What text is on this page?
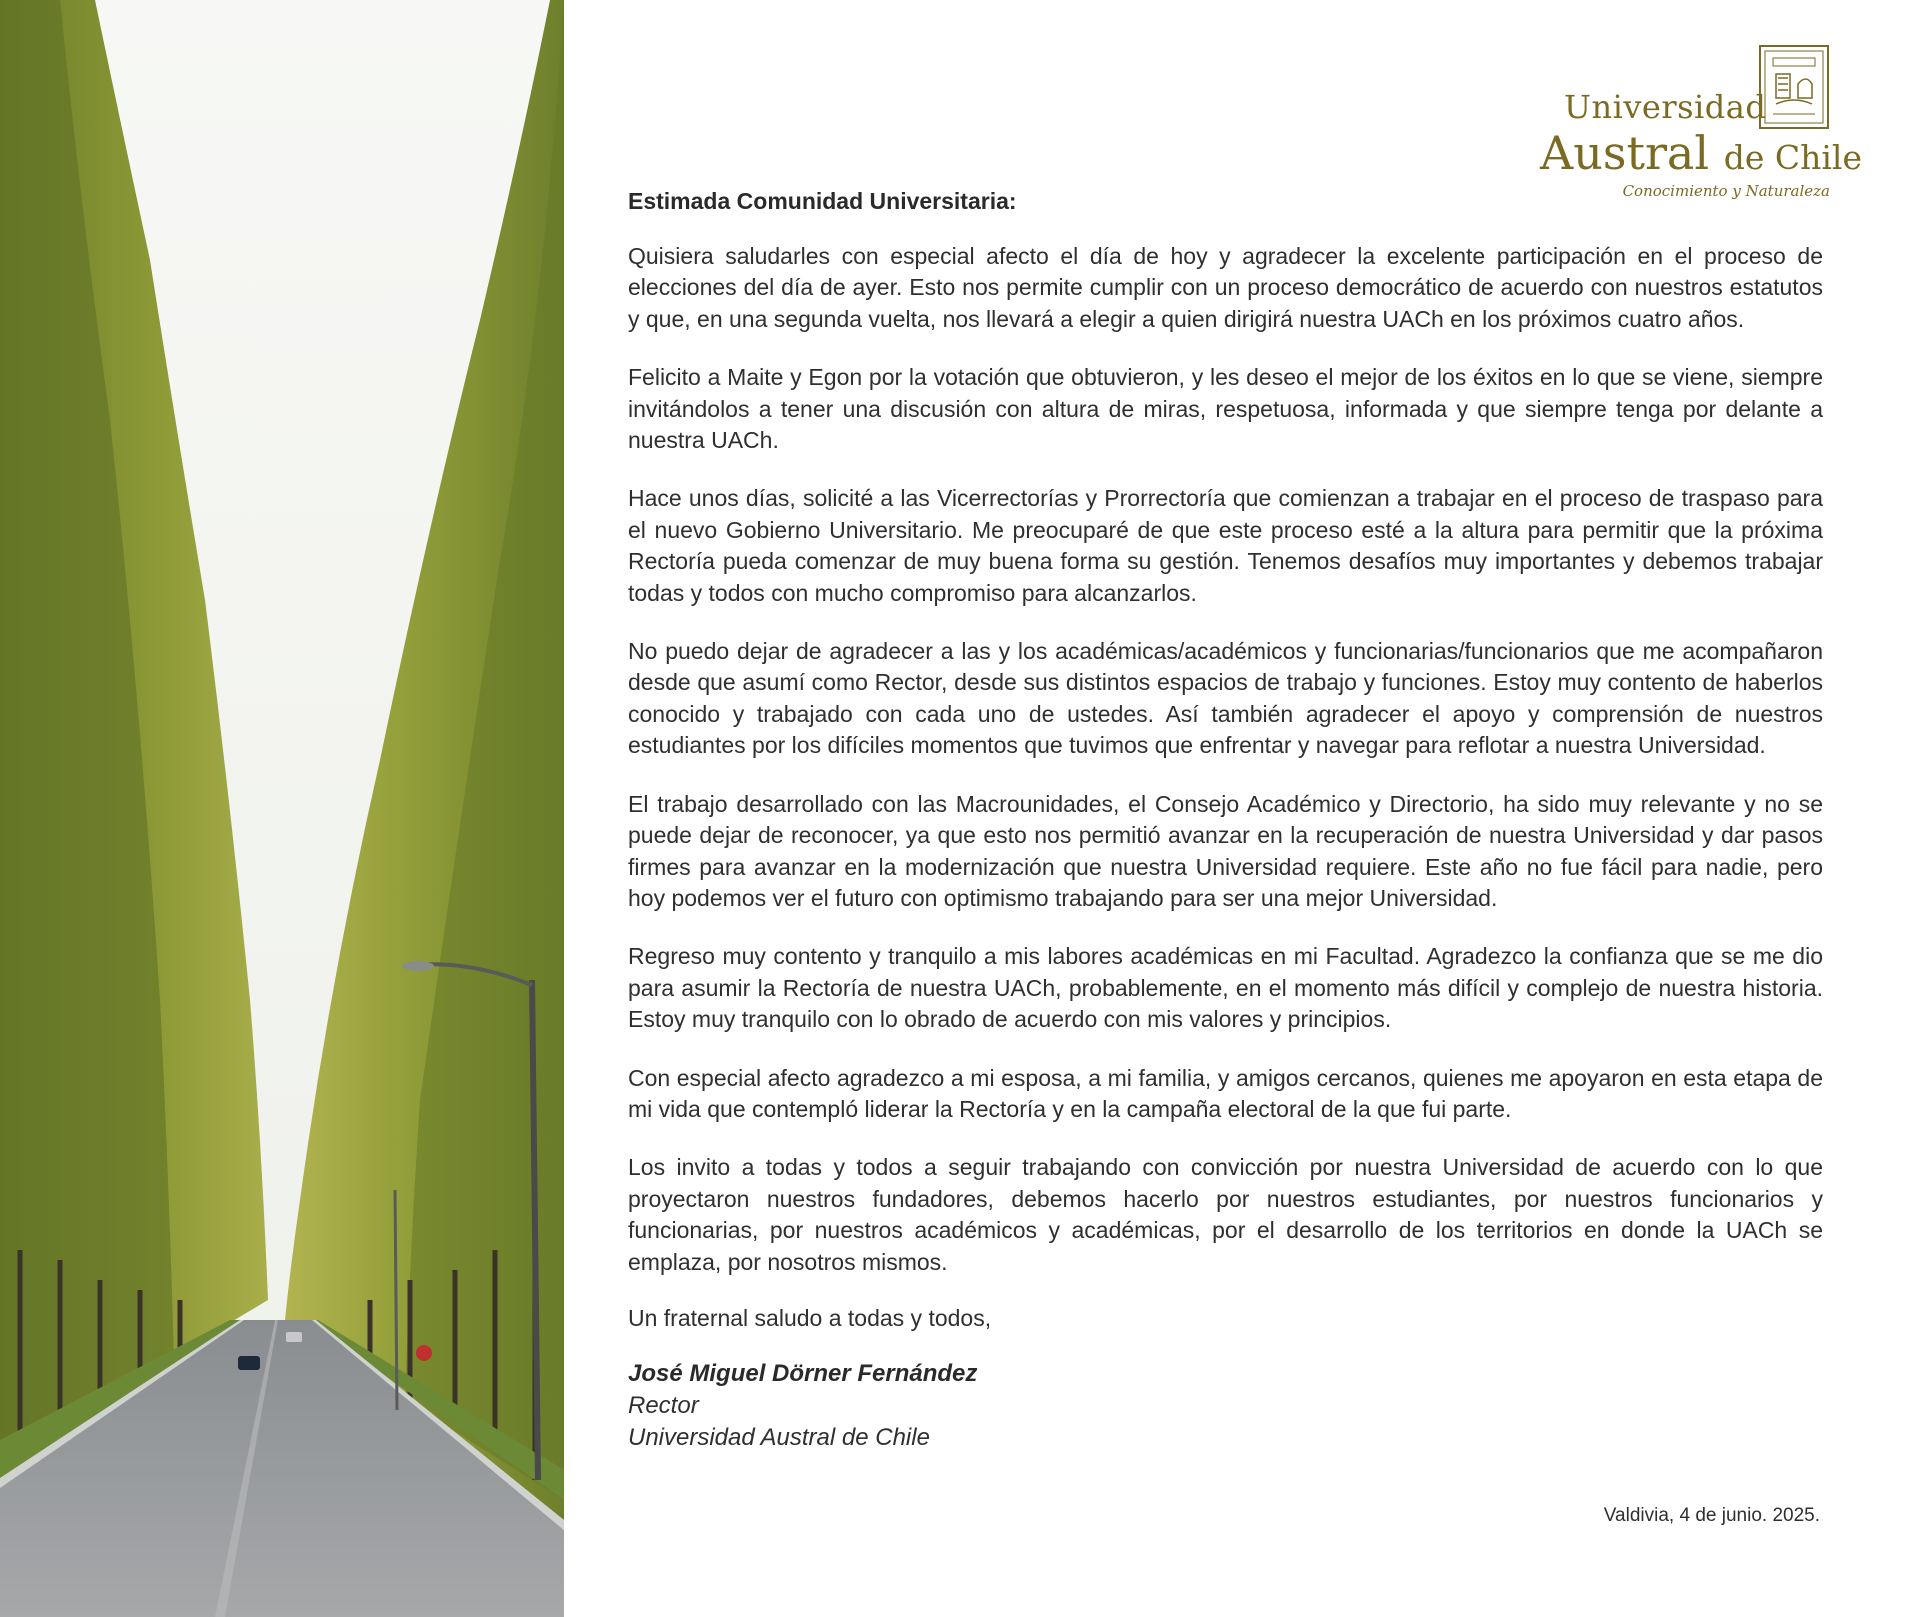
Universidad
Austral de Chile
Conocimiento y Naturaleza

Estimada Comunidad Universitaria:

Quisiera saludarles con especial afecto el día de hoy y agradecer la excelente participación en el proceso de elecciones del día de ayer. Esto nos permite cumplir con un proceso democrático de acuerdo con nuestros estatutos y que, en una segunda vuelta, nos llevará a elegir a quien dirigirá nuestra UACh en los próximos cuatro años.

Felicito a Maite y Egon por la votación que obtuvieron, y les deseo el mejor de los éxitos en lo que se viene, siempre invitándolos a tener una discusión con altura de miras, respetuosa, informada y que siempre tenga por delante a nuestra UACh.

Hace unos días, solicité a las Vicerrectorías y Prorrectoría que comienzan a trabajar en el proceso de traspaso para el nuevo Gobierno Universitario. Me preocuparé de que este proceso esté a la altura para permitir que la próxima Rectoría pueda comenzar de muy buena forma su gestión. Tenemos desafíos muy importantes y debemos trabajar todas y todos con mucho compromiso para alcanzarlos.

No puedo dejar de agradecer a las y los académicas/académicos y funcionarias/funcionarios que me acompañaron desde que asumí como Rector, desde sus distintos espacios de trabajo y funciones. Estoy muy contento de haberlos conocido y trabajado con cada uno de ustedes. Así también agradecer el apoyo y comprensión de nuestros estudiantes por los difíciles momentos que tuvimos que enfrentar y navegar para reflotar a nuestra Universidad.

El trabajo desarrollado con las Macrounidades, el Consejo Académico y Directorio, ha sido muy relevante y no se puede dejar de reconocer, ya que esto nos permitió avanzar en la recuperación de nuestra Universidad y dar pasos firmes para avanzar en la modernización que nuestra Universidad requiere. Este año no fue fácil para nadie, pero hoy podemos ver el futuro con optimismo trabajando para ser una mejor Universidad.

Regreso muy contento y tranquilo a mis labores académicas en mi Facultad. Agradezco la confianza que se me dio para asumir la Rectoría de nuestra UACh, probablemente, en el momento más difícil y complejo de nuestra historia. Estoy muy tranquilo con lo obrado de acuerdo con mis valores y principios.

Con especial afecto agradezco a mi esposa, a mi familia, y amigos cercanos, quienes me apoyaron en esta etapa de mi vida que contempló liderar la Rectoría y en la campaña electoral de la que fui parte.

Los invito a todas y todos a seguir trabajando con convicción por nuestra Universidad de acuerdo con lo que proyectaron nuestros fundadores, debemos hacerlo por nuestros estudiantes, por nuestros funcionarios y funcionarias, por nuestros académicos y académicas, por el desarrollo de los territorios en donde la UACh se emplaza, por nosotros mismos.

Un fraternal saludo a todas y todos,

José Miguel Dörner Fernández

Rector

Universidad Austral de Chile

Valdivia, 4 de junio. 2025.
